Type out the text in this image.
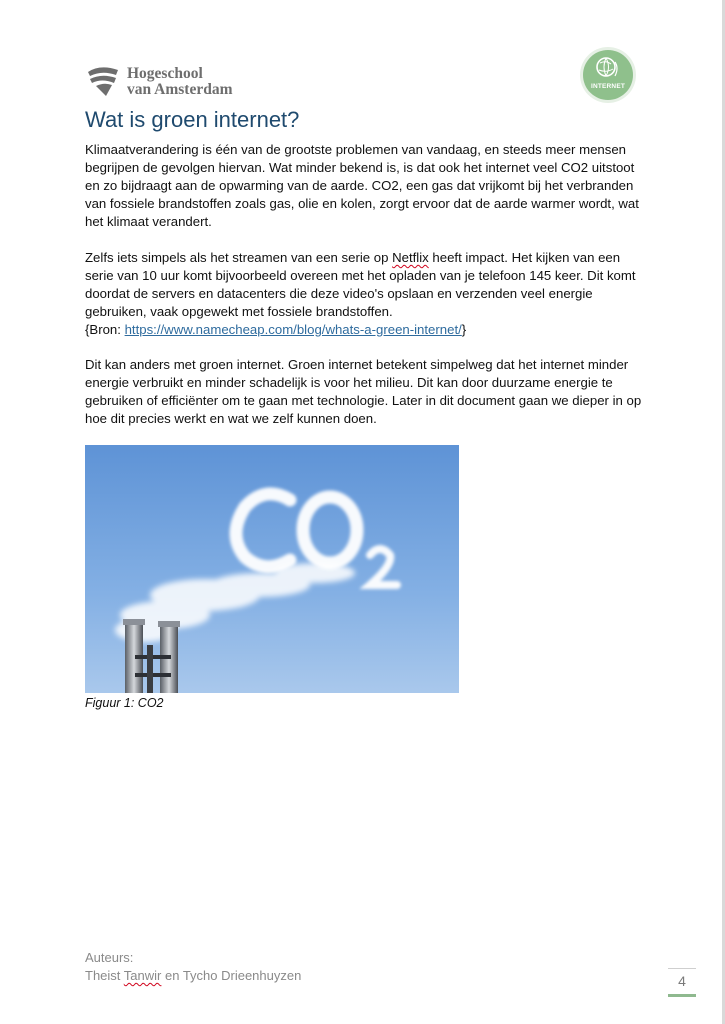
Hogeschool
van Amsterdam	INTERNET
Wat is groen internet?

Klimaatverandering is één van de grootste problemen van vandaag, en steeds meer mensen begrijpen de gevolgen hiervan. Wat minder bekend is, is dat ook het internet veel CO2 uitstoot en zo bijdraagt aan de opwarming van de aarde. CO2, een gas dat vrijkomt bij het verbranden van fossiele brandstoffen zoals gas, olie en kolen, zorgt ervoor dat de aarde warmer wordt, wat het klimaat verandert.

Zelfs iets simpels als het streamen van een serie op Netflix heeft impact. Het kijken van een serie van 10 uur komt bijvoorbeeld overeen met het opladen van je telefoon 145 keer. Dit komt doordat de servers en datacenters die deze video's opslaan en verzenden veel energie gebruiken, vaak opgewekt met fossiele brandstoffen.
{Bron: https://www.namecheap.com/blog/whats-a-green-internet/}

Dit kan anders met groen internet. Groen internet betekent simpelweg dat het internet minder energie verbruikt en minder schadelijk is voor het milieu. Dit kan door duurzame energie te gebruiken of efficiënter om te gaan met technologie. Later in dit document gaan we dieper in op hoe dit precies werkt en wat we zelf kunnen doen.

Figuur 1: CO2

Auteurs:
Theist Tanwir en Tycho Drieenhuyzen	4
